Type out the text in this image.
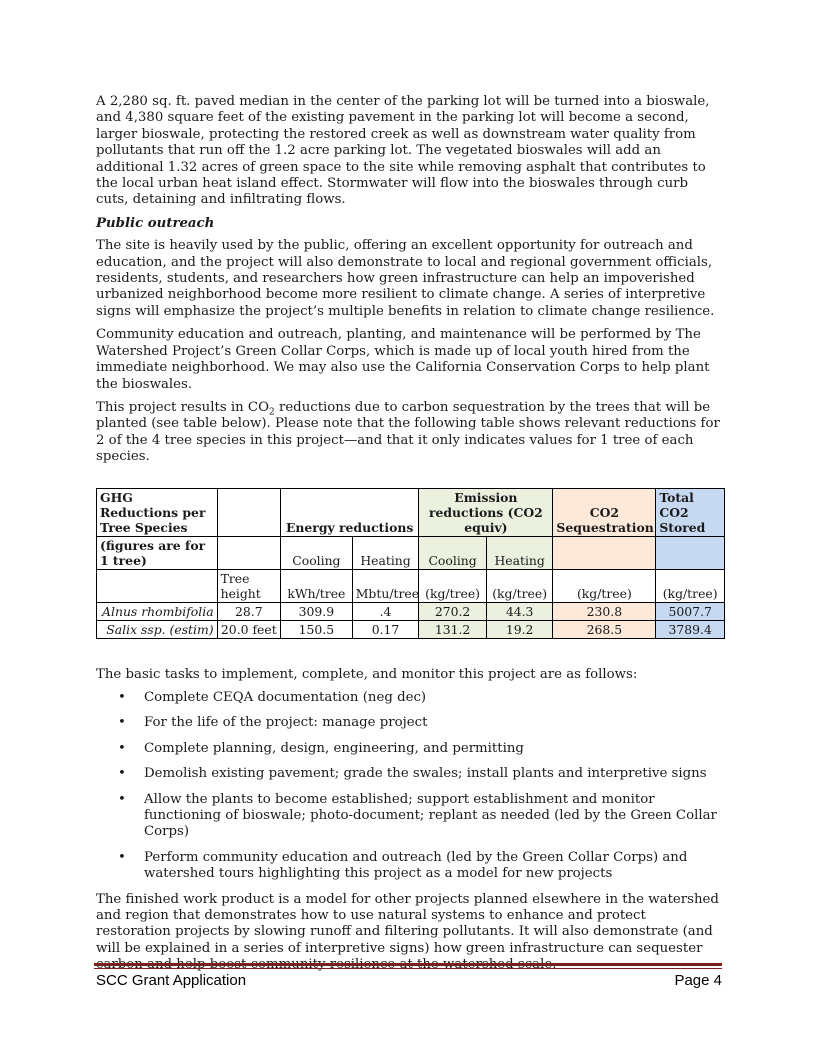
A 2,280 sq. ft. paved median in the center of the parking lot will be turned into a bioswale, and 4,380 square feet of the existing pavement in the parking lot will become a second, larger bioswale, protecting the restored creek as well as downstream water quality from pollutants that run off the 1.2 acre parking lot. The vegetated bioswales will add an additional 1.32 acres of green space to the site while removing asphalt that contributes to the local urban heat island effect. Stormwater will flow into the bioswales through curb cuts, detaining and infiltrating flows.

Public outreach

The site is heavily used by the public, offering an excellent opportunity for outreach and education, and the project will also demonstrate to local and regional government officials, residents, students, and researchers how green infrastructure can help an impoverished urbanized neighborhood become more resilient to climate change. A series of interpretive signs will emphasize the project’s multiple benefits in relation to climate change resilience.

Community education and outreach, planting, and maintenance will be performed by The Watershed Project’s Green Collar Corps, which is made up of local youth hired from the immediate neighborhood. We may also use the California Conservation Corps to help plant the bioswales.

This project results in $CO_2$ reductions due to carbon sequestration by the trees that will be planted (see table below). Please note that the following table shows relevant reductions for 2 of the 4 tree species in this project—and that it only indicates values for 1 tree of each species.

GHG Reductions per Tree Species		Energy reductions		Emission reductions (CO2 equiv)		CO2 Sequestration	Total CO2 Stored
(figures are for 1 tree)		Cooling	Heating	Cooling	Heating		
	Tree height	kWh/tree	Mbtu/tree	(kg/tree)	(kg/tree)	(kg/tree)	(kg/tree)
Alnus rhombifolia	28.7	309.9	.4	270.2	44.3	230.8	5007.7
Salix ssp. (estim)	20.0 feet	150.5	0.17	131.2	19.2	268.5	3789.4

The basic tasks to implement, complete, and monitor this project are as follows:

• Complete CEQA documentation (neg dec)
• For the life of the project: manage project
• Complete planning, design, engineering, and permitting
• Demolish existing pavement; grade the swales; install plants and interpretive signs
• Allow the plants to become established; support establishment and monitor functioning of bioswale; photo-document; replant as needed (led by the Green Collar Corps)
• Perform community education and outreach (led by the Green Collar Corps) and watershed tours highlighting this project as a model for new projects

The finished work product is a model for other projects planned elsewhere in the watershed and region that demonstrates how to use natural systems to enhance and protect restoration projects by slowing runoff and filtering pollutants. It will also demonstrate (and will be explained in a series of interpretive signs) how green infrastructure can sequester

SCC Grant Application	Page 4
